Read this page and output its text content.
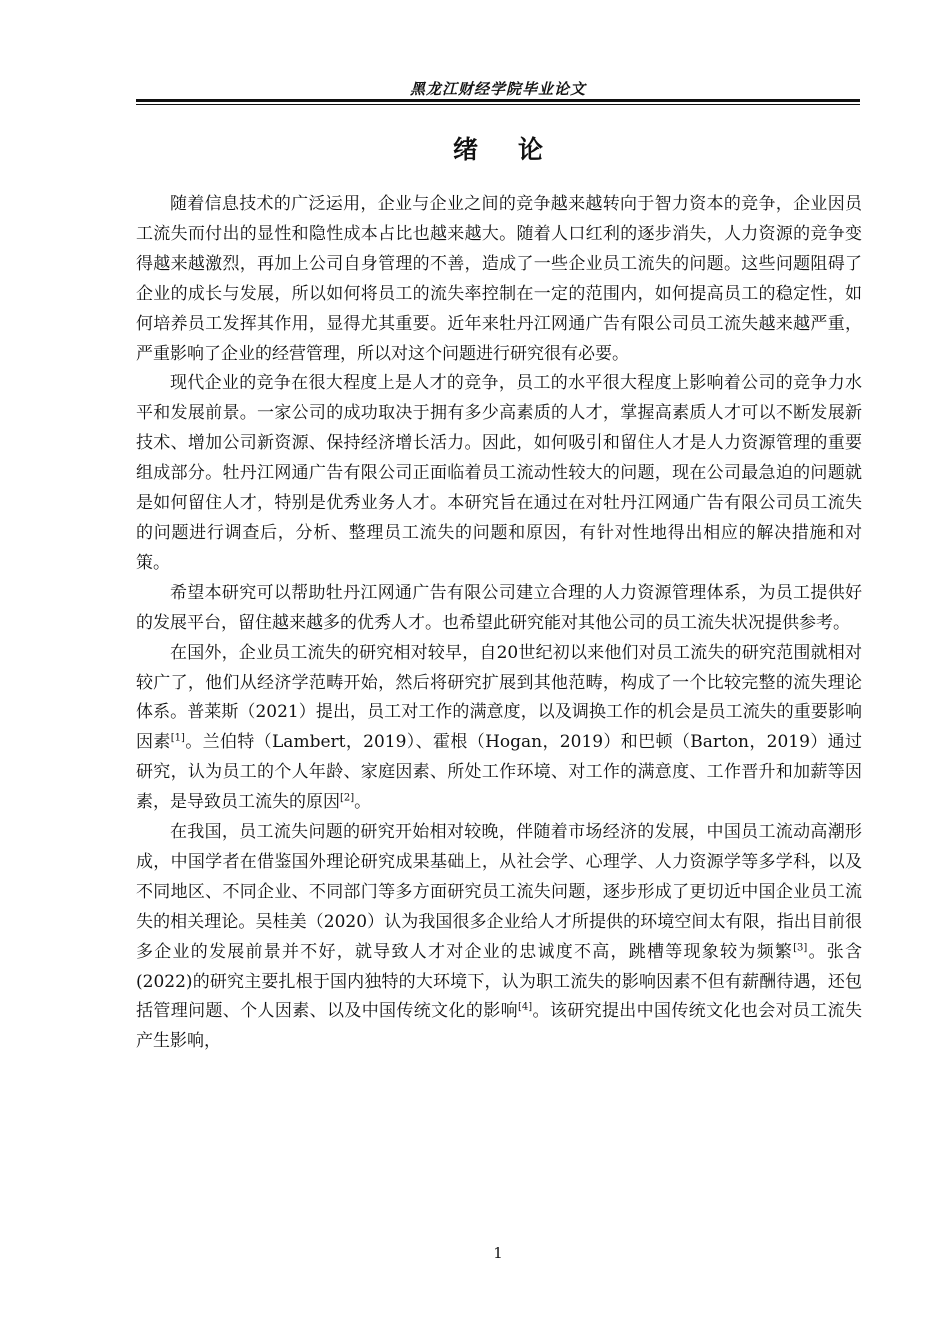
黑龙江财经学院毕业论文
绪论

随着信息技术的广泛运用，企业与企业之间的竞争越来越转向于智力资本的竞争，企业因员工流失而付出的显性和隐性成本占比也越来越大。随着人口红利的逐步消失，人力资源的竞争变得越来越激烈，再加上公司自身管理的不善，造成了一些企业员工流失的问题。这些问题阻碍了企业的成长与发展，所以如何将员工的流失率控制在一定的范围内，如何提高员工的稳定性，如何培养员工发挥其作用，显得尤其重要。近年来牡丹江网通广告有限公司员工流失越来越严重，严重影响了企业的经营管理，所以对这个问题进行研究很有必要。

现代企业的竞争在很大程度上是人才的竞争，员工的水平很大程度上影响着公司的竞争力水平和发展前景。一家公司的成功取决于拥有多少高素质的人才，掌握高素质人才可以不断发展新技术、增加公司新资源、保持经济增长活力。因此，如何吸引和留住人才是人力资源管理的重要组成部分。牡丹江网通广告有限公司正面临着员工流动性较大的问题，现在公司最急迫的问题就是如何留住人才，特别是优秀业务人才。本研究旨在通过在对牡丹江网通广告有限公司员工流失的问题进行调查后，分析、整理员工流失的问题和原因，有针对性地得出相应的解决措施和对策。

希望本研究可以帮助牡丹江网通广告有限公司建立合理的人力资源管理体系，为员工提供好的发展平台，留住越来越多的优秀人才。也希望此研究能对其他公司的员工流失状况提供参考。

在国外，企业员工流失的研究相对较早，自20世纪初以来他们对员工流失的研究范围就相对较广了，他们从经济学范畴开始，然后将研究扩展到其他范畴，构成了一个比较完整的流失理论体系。普莱斯（2021）提出，员工对工作的满意度，以及调换工作的机会是员工流失的重要影响因素[1]。兰伯特（Lambert，2019）、霍根（Hogan，2019）和巴顿（Barton，2019）通过研究，认为员工的个人年龄、家庭因素、所处工作环境、对工作的满意度、工作晋升和加薪等因素，是导致员工流失的原因[2]。

在我国，员工流失问题的研究开始相对较晚，伴随着市场经济的发展，中国员工流动高潮形成，中国学者在借鉴国外理论研究成果基础上，从社会学、心理学、人力资源学等多学科，以及不同地区、不同企业、不同部门等多方面研究员工流失问题，逐步形成了更切近中国企业员工流失的相关理论。吴桂美（2020）认为我国很多企业给人才所提供的环境空间太有限，指出目前很多企业的发展前景并不好，就导致人才对企业的忠诚度不高，跳槽等现象较为频繁[3]。张含 (2022)的研究主要扎根于国内独特的大环境下，认为职工流失的影响因素不但有薪酬待遇，还包括管理问题、个人因素、以及中国传统文化的影响[4]。该研究提出中国传统文化也会对员工流失产生影响，

1
